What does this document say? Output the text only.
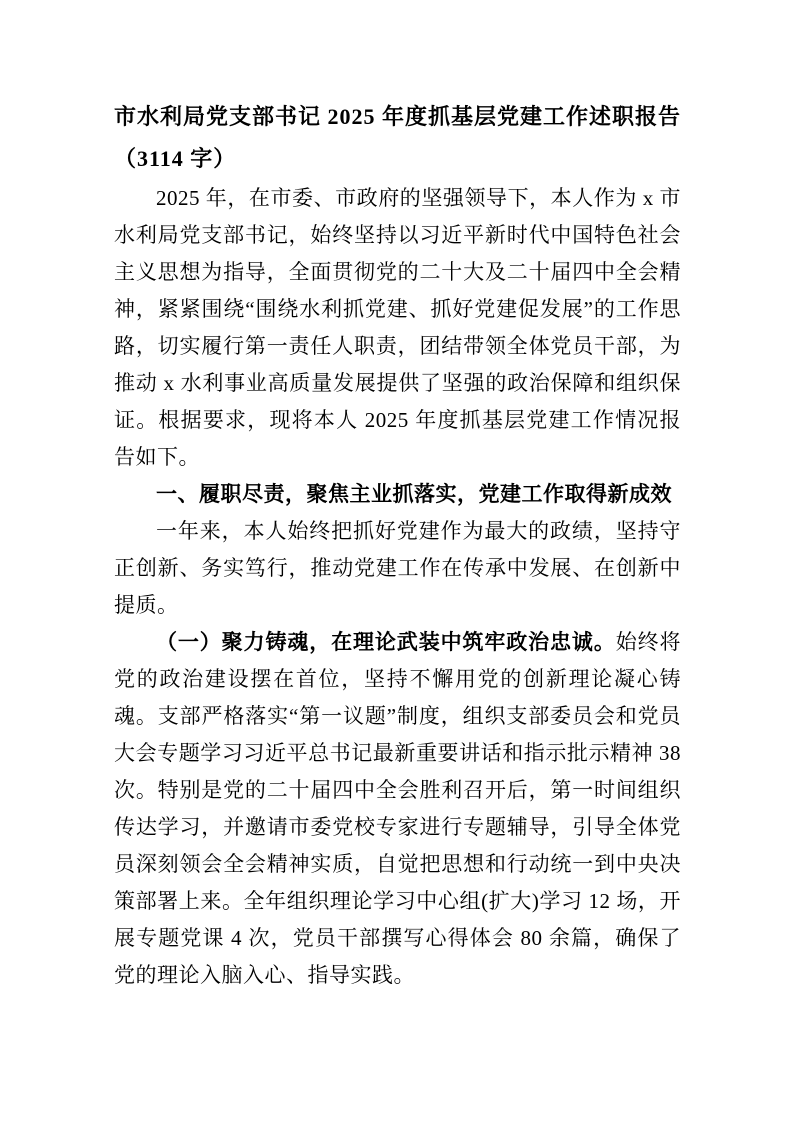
市水利局党支部书记 2025 年度抓基层党建工作述职报告（3114 字）

2025 年，在市委、市政府的坚强领导下，本人作为 x 市水利局党支部书记，始终坚持以习近平新时代中国特色社会主义思想为指导，全面贯彻党的二十大及二十届四中全会精神，紧紧围绕“围绕水利抓党建、抓好党建促发展”的工作思路，切实履行第一责任人职责，团结带领全体党员干部，为推动 x 水利事业高质量发展提供了坚强的政治保障和组织保证。根据要求，现将本人 2025 年度抓基层党建工作情况报告如下。

一、履职尽责，聚焦主业抓落实，党建工作取得新成效

一年来，本人始终把抓好党建作为最大的政绩，坚持守正创新、务实笃行，推动党建工作在传承中发展、在创新中提质。

（一）聚力铸魂，在理论武装中筑牢政治忠诚。始终将党的政治建设摆在首位，坚持不懈用党的创新理论凝心铸魂。支部严格落实“第一议题”制度，组织支部委员会和党员大会专题学习习近平总书记最新重要讲话和指示批示精神 38 次。特别是党的二十届四中全会胜利召开后，第一时间组织传达学习，并邀请市委党校专家进行专题辅导，引导全体党员深刻领会全会精神实质，自觉把思想和行动统一到中央决策部署上来。全年组织理论学习中心组(扩大)学习 12 场，开展专题党课 4 次，党员干部撰写心得体会 80 余篇，确保了党的理论入脑入心、指导实践。
